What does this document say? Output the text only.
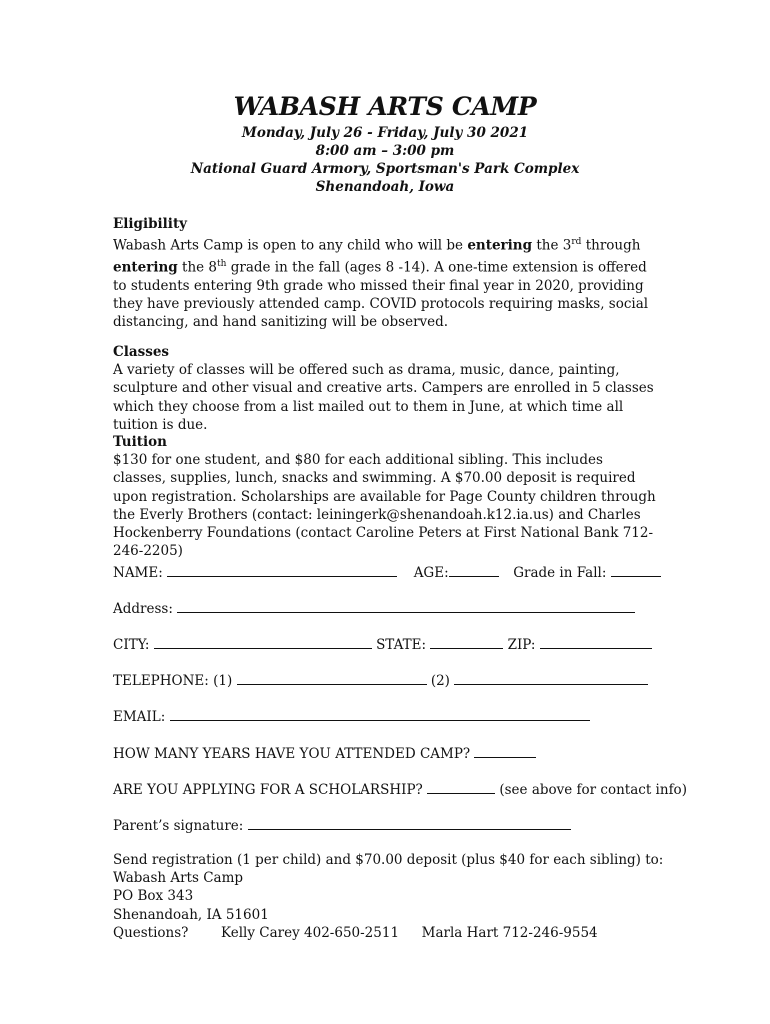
WABASH ARTS CAMP
Monday, July 26 - Friday, July 30 2021
8:00 am – 3:00 pm
National Guard Armory, Sportsman's Park Complex
Shenandoah, Iowa
Eligibility
Wabash Arts Camp is open to any child who will be entering the 3rd through entering the 8th grade in the fall (ages 8 -14). A one-time extension is offered to students entering 9th grade who missed their final year in 2020, providing they have previously attended camp. COVID protocols requiring masks, social distancing, and hand sanitizing will be observed.
Classes
A variety of classes will be offered such as drama, music, dance, painting, sculpture and other visual and creative arts. Campers are enrolled in 5 classes which they choose from a list mailed out to them in June, at which time all tuition is due.
Tuition
$130 for one student, and $80 for each additional sibling. This includes classes, supplies, lunch, snacks and swimming. A $70.00 deposit is required upon registration. Scholarships are available for Page County children through the Everly Brothers (contact: leiningerk@shenandoah.k12.ia.us) and Charles Hockenberry Foundations (contact Caroline Peters at First National Bank 712-246-2205)
NAME:	AGE:	Grade in Fall:
Address:
CITY:	STATE:	ZIP:
TELEPHONE: (1)	(2)
EMAIL:
HOW MANY YEARS HAVE YOU ATTENDED CAMP?
ARE YOU APPLYING FOR A SCHOLARSHIP?	(see above for contact info)
Parent’s signature:
Send registration (1 per child) and $70.00 deposit (plus $40 for each sibling) to:
Wabash Arts Camp
PO Box 343
Shenandoah, IA 51601
Questions? Kelly Carey 402-650-2511 Marla Hart 712-246-9554
